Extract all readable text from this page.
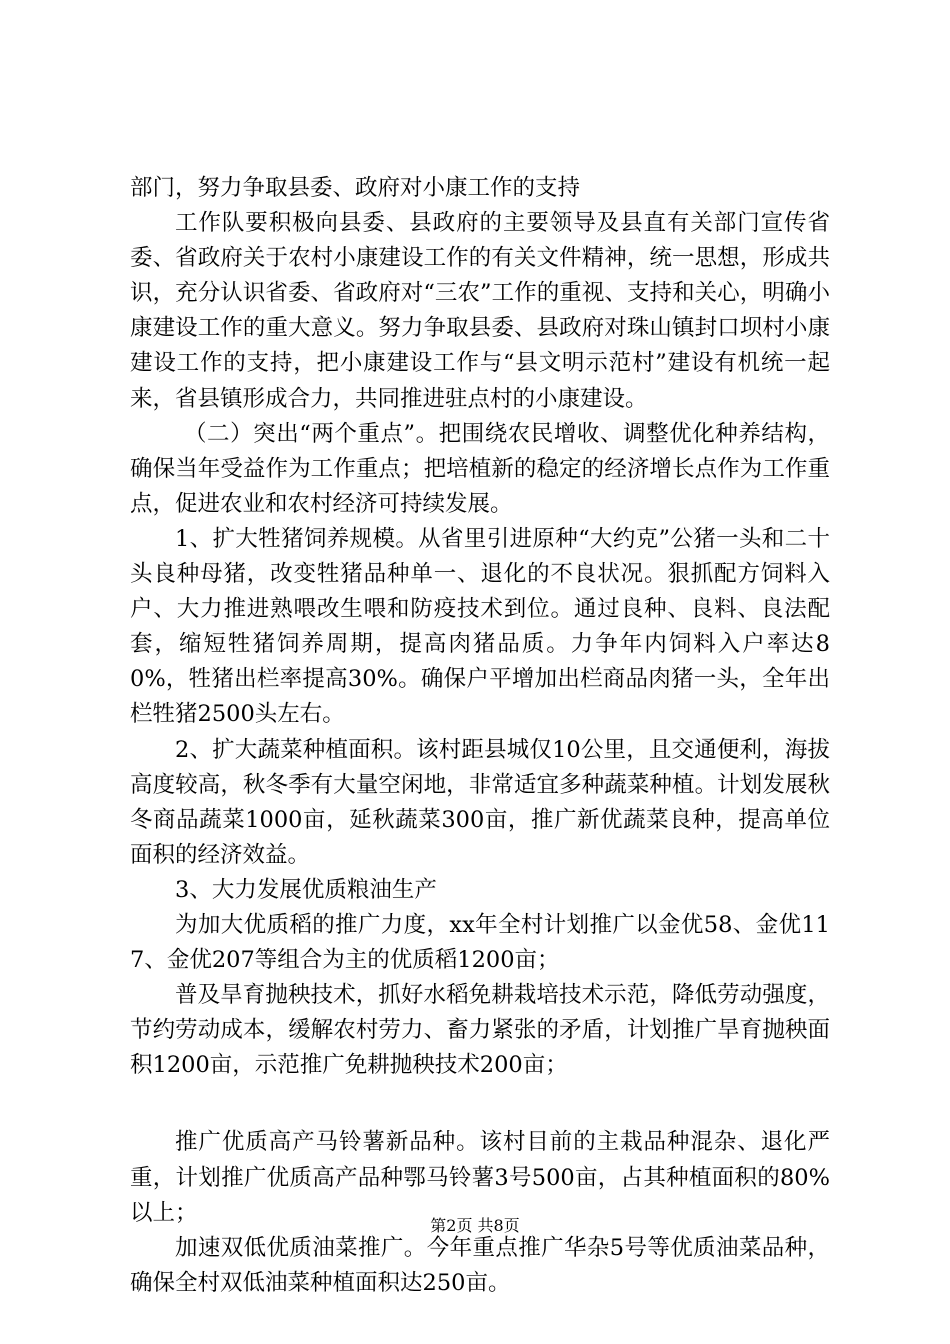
部门，努力争取县委、政府对小康工作的支持

工作队要积极向县委、县政府的主要领导及县直有关部门宣传省委、省政府关于农村小康建设工作的有关文件精神，统一思想，形成共识，充分认识省委、省政府对“三农”工作的重视、支持和关心，明确小康建设工作的重大意义。努力争取县委、县政府对珠山镇封口坝村小康建设工作的支持，把小康建设工作与“县文明示范村”建设有机统一起来，省县镇形成合力，共同推进驻点村的小康建设。

（二）突出“两个重点”。把围绕农民增收、调整优化种养结构，确保当年受益作为工作重点；把培植新的稳定的经济增长点作为工作重点，促进农业和农村经济可持续发展。

1、扩大牲猪饲养规模。从省里引进原种“大约克”公猪一头和二十头良种母猪，改变牲猪品种单一、退化的不良状况。狠抓配方饲料入户、大力推进熟喂改生喂和防疫技术到位。通过良种、良料、良法配套，缩短牲猪饲养周期，提高肉猪品质。力争年内饲料入户率达80%，牲猪出栏率提高30%。确保户平增加出栏商品肉猪一头，全年出栏牲猪2500头左右。

2、扩大蔬菜种植面积。该村距县城仅10公里，且交通便利，海拔高度较高，秋冬季有大量空闲地，非常适宜多种蔬菜种植。计划发展秋冬商品蔬菜1000亩，延秋蔬菜300亩，推广新优蔬菜良种，提高单位面积的经济效益。

3、大力发展优质粮油生产

为加大优质稻的推广力度，xx年全村计划推广以金优58、金优117、金优207等组合为主的优质稻1200亩；

普及旱育抛秧技术，抓好水稻免耕栽培技术示范，降低劳动强度，节约劳动成本，缓解农村劳力、畜力紧张的矛盾，计划推广旱育抛秧面积1200亩，示范推广免耕抛秧技术200亩；

推广优质高产马铃薯新品种。该村目前的主栽品种混杂、退化严重，计划推广优质高产品种鄂马铃薯3号500亩，占其种植面积的80%以上；

加速双低优质油菜推广。今年重点推广华杂5号等优质油菜品种，确保全村双低油菜种植面积达250亩。

第2页 共8页
